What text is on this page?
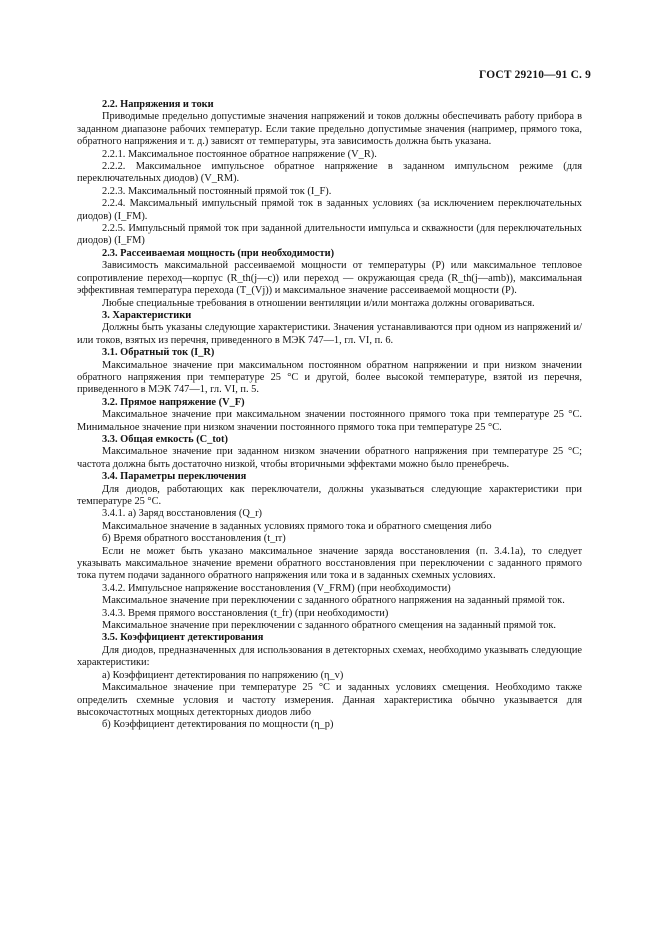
ГОСТ 29210—91 С. 9

2.2. Напряжения и токи

Приводимые предельно допустимые значения напряжений и токов должны обеспечивать работу прибора в заданном диапазоне рабочих температур. Если такие предельно допустимые значения (например, прямого тока, обратного напряжения и т. д.) зависят от температуры, эта зависимость должна быть указана.

2.2.1. Максимальное постоянное обратное напряжение (V_R).

2.2.2. Максимальное импульсное обратное напряжение в заданном импульсном режиме (для переключательных диодов) (V_RM).

2.2.3. Максимальный постоянный прямой ток (I_F).

2.2.4. Максимальный импульсный прямой ток в заданных условиях (за исключением переключательных диодов) (I_FM).

2.2.5. Импульсный прямой ток при заданной длительности импульса и скважности (для переключательных диодов) (I_FM)

2.3. Рассеиваемая мощность (при необходимости)

Зависимость максимальной рассеиваемой мощности от температуры (P) или максимальное тепловое сопротивление переход—корпус (R_th(j—c)) или переход — окружающая среда (R_th(j—amb)), максимальная эффективная температура перехода (T_(Vj)) и максимальное значение рассеиваемой мощности (P).

Любые специальные требования в отношении вентиляции и/или монтажа должны оговариваться.

3. Характеристики

Должны быть указаны следующие характеристики. Значения устанавливаются при одном из напряжений и/или токов, взятых из перечня, приведенного в МЭК 747—1, гл. VI, п. 6.

3.1. Обратный ток (I_R)

Максимальное значение при максимальном постоянном обратном напряжении и при низком значении обратного напряжения при температуре 25 °С и другой, более высокой температуре, взятой из перечня, приведенного в МЭК 747—1, гл. VI, п. 5.

3.2. Прямое напряжение (V_F)

Максимальное значение при максимальном значении постоянного прямого тока при температуре 25 °С. Минимальное значение при низком значении постоянного прямого тока при температуре 25 °С.

3.3. Общая емкость (C_tot)

Максимальное значение при заданном низком значении обратного напряжения при температуре 25 °С; частота должна быть достаточно низкой, чтобы вторичными эффектами можно было пренебречь.

3.4. Параметры переключения

Для диодов, работающих как переключатели, должны указываться следующие характеристики при температуре 25 °С.

3.4.1. а) Заряд восстановления (Q_r)

Максимальное значение в заданных условиях прямого тока и обратного смещения либо

б) Время обратного восстановления (t_rr)

Если не может быть указано максимальное значение заряда восстановления (п. 3.4.1а), то следует указывать максимальное значение времени обратного восстановления при переключении с заданного прямого тока путем подачи заданного обратного напряжения или тока и в заданных схемных условиях.

3.4.2. Импульсное напряжение восстановления (V_FRM) (при необходимости)

Максимальное значение при переключении с заданного обратного напряжения на заданный прямой ток.

3.4.3. Время прямого восстановления (t_fr) (при необходимости)

Максимальное значение при переключении с заданного обратного смещения на заданный прямой ток.

3.5. Коэффициент детектирования

Для диодов, предназначенных для использования в детекторных схемах, необходимо указывать следующие характеристики:

а) Коэффициент детектирования по напряжению (η_v)

Максимальное значение при температуре 25 °С и заданных условиях смещения. Необходимо также определить схемные условия и частоту измерения. Данная характеристика обычно указывается для высокочастотных мощных детекторных диодов либо

б) Коэффициент детектирования по мощности (η_p)
